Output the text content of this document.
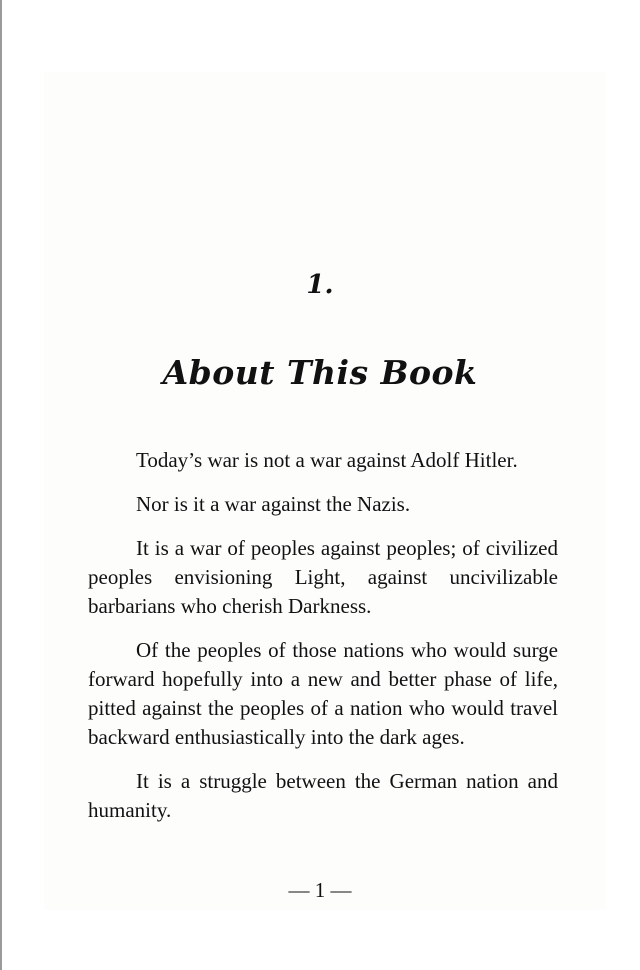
1.
About This Book

Today’s war is not a war against Adolf Hitler.

Nor is it a war against the Nazis.

It is a war of peoples against peoples; of civilized peoples envisioning Light, against uncivilizable barbarians who cherish Darkness.

Of the peoples of those nations who would surge forward hopefully into a new and better phase of life, pitted against the peoples of a nation who would travel backward enthusiastically into the dark ages.

It is a struggle between the German nation and humanity.

— 1 —
